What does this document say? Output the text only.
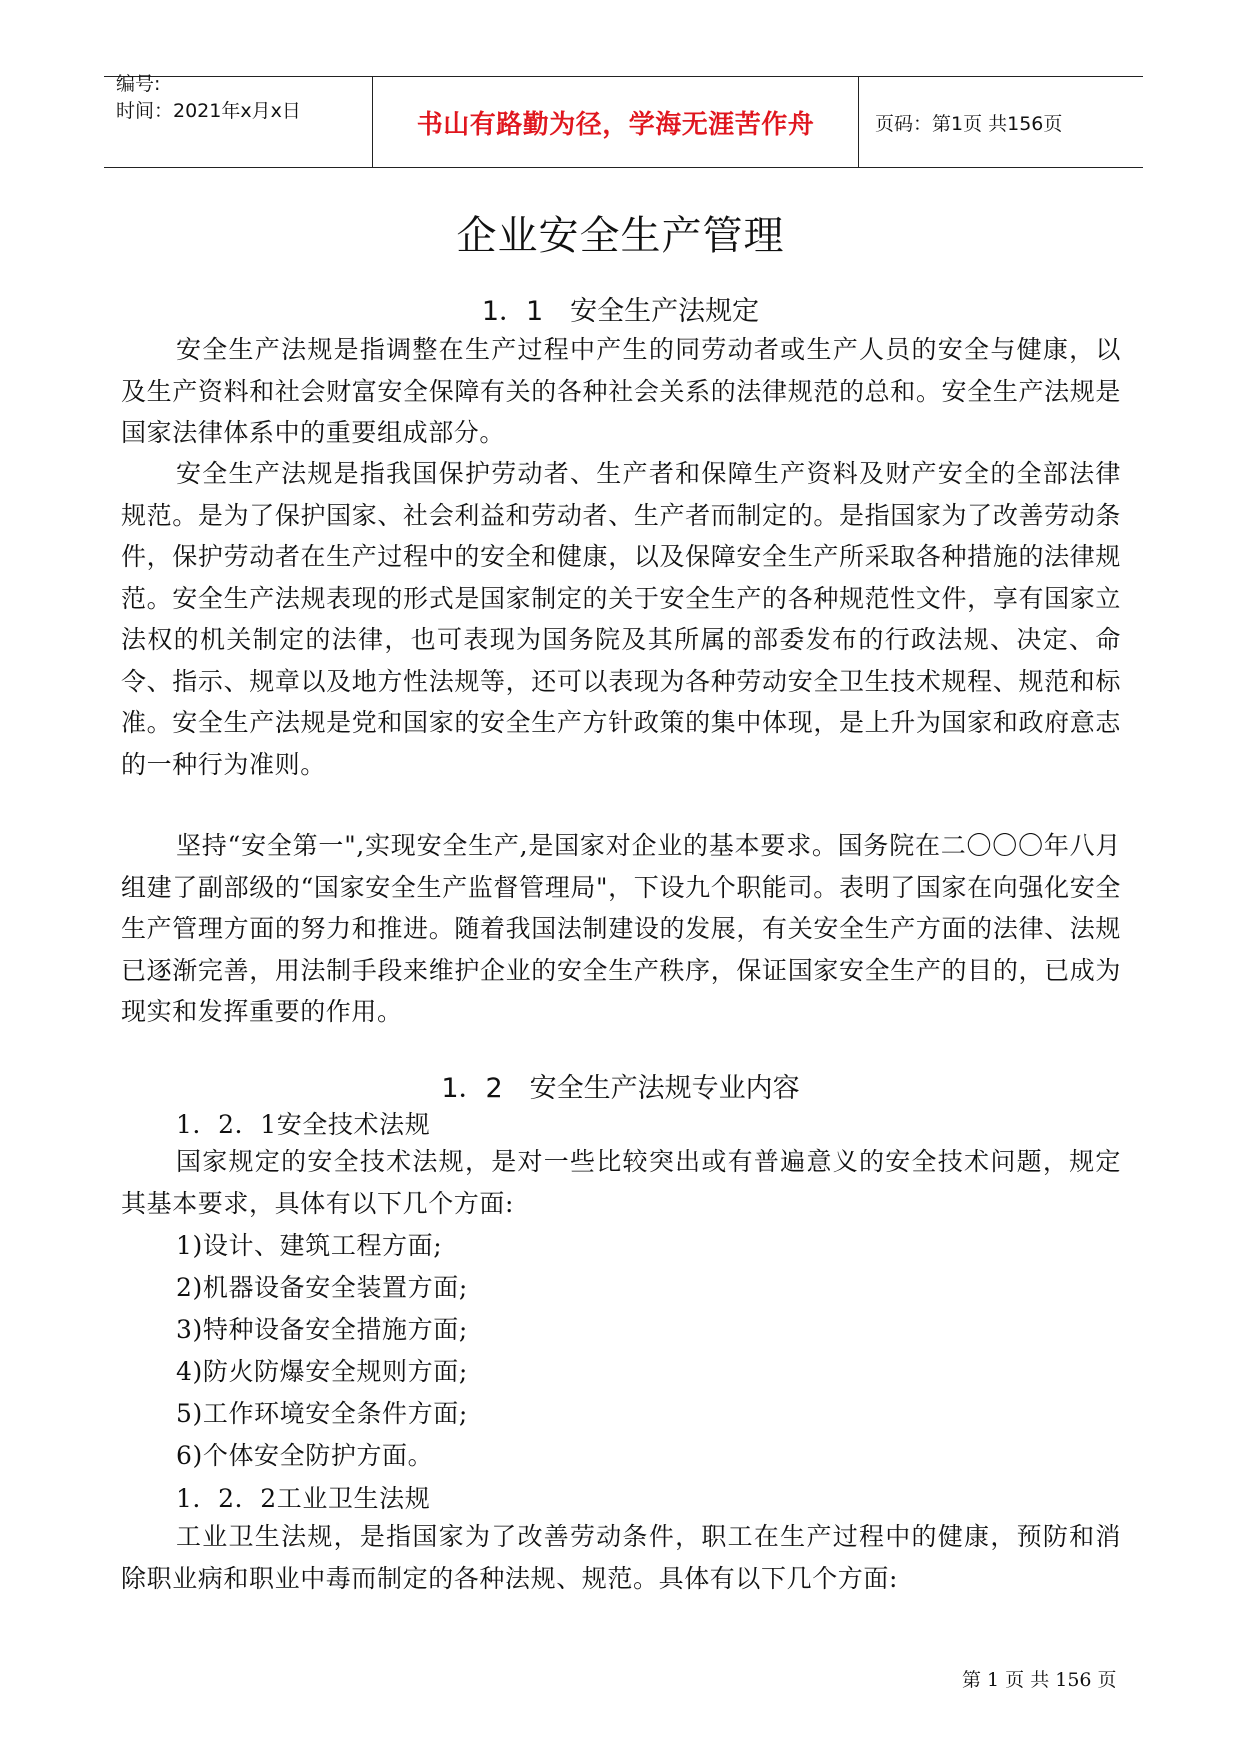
编号:
时间：2021年x月x日	书山有路勤为径，学海无涯苦作舟	页码：第1页 共156页
企业安全生产管理
1．1　安全生产法规定

安全生产法规是指调整在生产过程中产生的同劳动者或生产人员的安全与健康，以及生产资料和社会财富安全保障有关的各种社会关系的法律规范的总和。安全生产法规是国家法律体系中的重要组成部分。

安全生产法规是指我国保护劳动者、生产者和保障生产资料及财产安全的全部法律规范。是为了保护国家、社会利益和劳动者、生产者而制定的。是指国家为了改善劳动条件，保护劳动者在生产过程中的安全和健康，以及保障安全生产所采取各种措施的法律规范。安全生产法规表现的形式是国家制定的关于安全生产的各种规范性文件，享有国家立法权的机关制定的法律，也可表现为国务院及其所属的部委发布的行政法规、决定、命令、指示、规章以及地方性法规等，还可以表现为各种劳动安全卫生技术规程、规范和标准。安全生产法规是党和国家的安全生产方针政策的集中体现，是上升为国家和政府意志的一种行为准则。

坚持“安全第一",实现安全生产,是国家对企业的基本要求。国务院在二〇〇〇年八月组建了副部级的“国家安全生产监督管理局"，下设九个职能司。表明了国家在向强化安全生产管理方面的努力和推进。随着我国法制建设的发展，有关安全生产方面的法律、法规已逐渐完善，用法制手段来维护企业的安全生产秩序，保证国家安全生产的目的，已成为现实和发挥重要的作用。

1．2　安全生产法规专业内容
1．2．1安全技术法规

国家规定的安全技术法规，是对一些比较突出或有普遍意义的安全技术问题，规定其基本要求，具体有以下几个方面:

1)设计、建筑工程方面;
2)机器设备安全装置方面;
3)特种设备安全措施方面;
4)防火防爆安全规则方面;
5)工作环境安全条件方面;
6)个体安全防护方面。
1．2．2工业卫生法规

工业卫生法规，是指国家为了改善劳动条件，职工在生产过程中的健康，预防和消除职业病和职业中毒而制定的各种法规、规范。具体有以下几个方面:

第 1 页 共 156 页
